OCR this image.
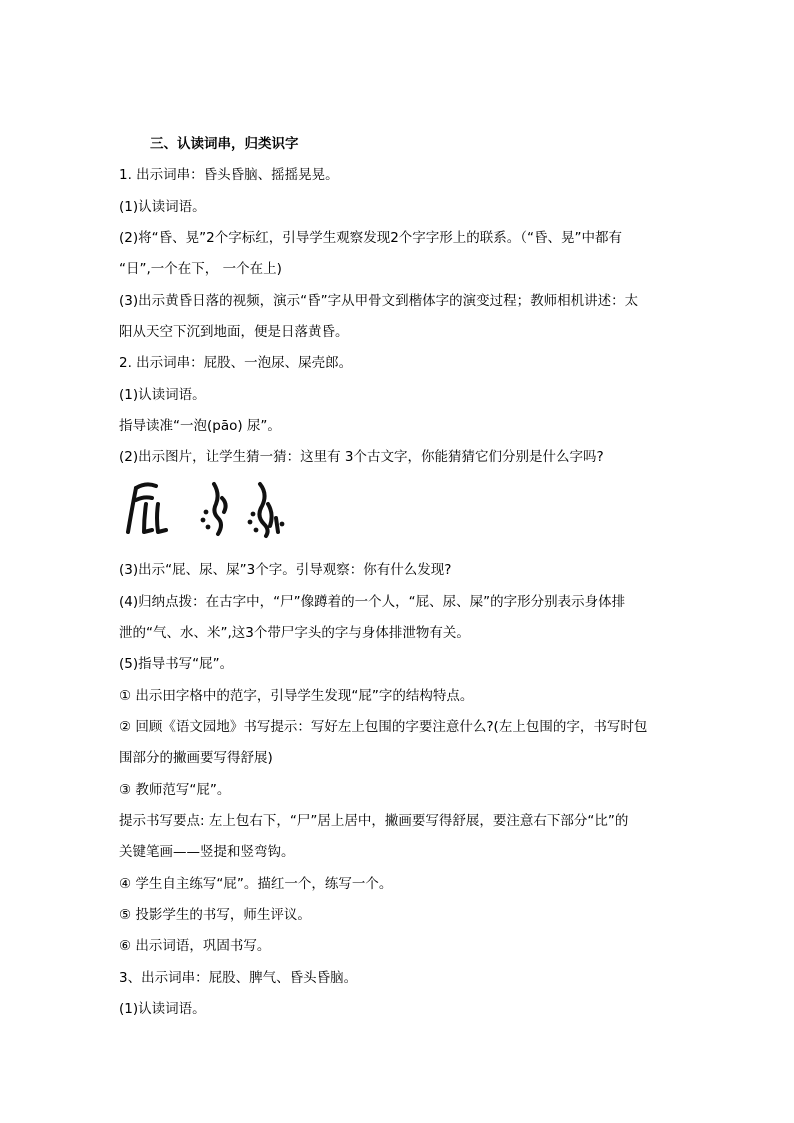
三、认读词串，归类识字
1. 出示词串：昏头昏脑、摇摇晃晃。
(1)认读词语。
(2)将“昏、晃”2个字标红，引导学生观察发现2个字字形上的联系。（“昏、晃”中都有
“日”,一个在下， 一个在上)
(3)出示黄昏日落的视频，演示“昏”字从甲骨文到楷体字的演变过程；教师相机讲述：太
阳从天空下沉到地面，便是日落黄昏。
2. 出示词串：屁股、一泡尿、屎壳郎。
(1)认读词语。
指导读准“一泡(pāo) 尿”。
(2)出示图片，让学生猜一猜：这里有 3个古文字，你能猜猜它们分别是什么字吗?
(3)出示“屁、尿、屎”3个字。引导观察：你有什么发现?
(4)归纳点拨：在古字中，“尸”像蹲着的一个人，“屁、尿、屎”的字形分别表示身体排
泄的“气、水、米”,这3个带尸字头的字与身体排泄物有关。
(5)指导书写“屁”。
① 出示田字格中的范字，引导学生发现“屁”字的结构特点。
② 回顾《语文园地》书写提示：写好左上包围的字要注意什么?(左上包围的字，书写时包
围部分的撇画要写得舒展)
③ 教师范写“屁”。
提示书写要点: 左上包右下，“尸”居上居中，撇画要写得舒展，要注意右下部分“比”的
关键笔画——竖提和竖弯钩。
④ 学生自主练写“屁”。描红一个，练写一个。
⑤ 投影学生的书写，师生评议。
⑥ 出示词语，巩固书写。
3、出示词串：屁股、脾气、昏头昏脑。
(1)认读词语。
